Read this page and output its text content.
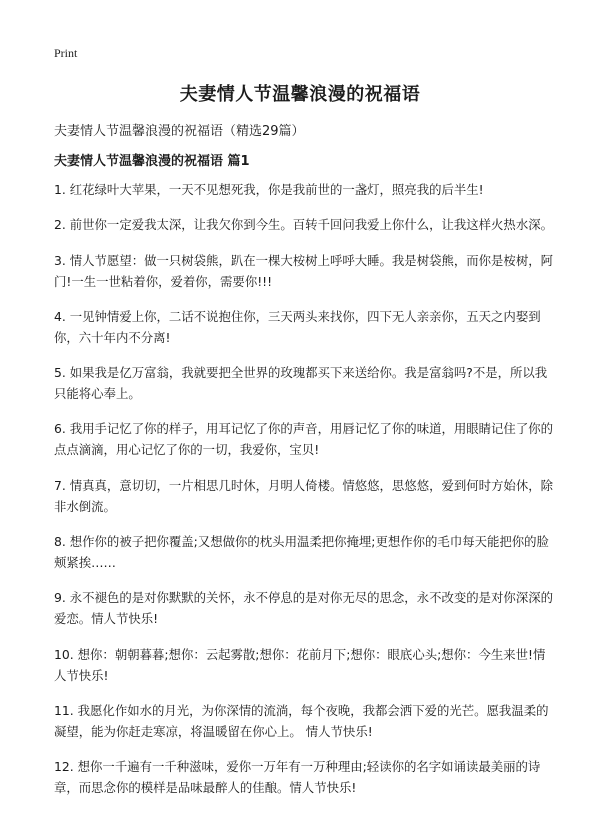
Print
夫妻情人节温馨浪漫的祝福语

夫妻情人节温馨浪漫的祝福语（精选29篇）

夫妻情人节温馨浪漫的祝福语 篇1

1. 红花绿叶大苹果，一天不见想死我，你是我前世的一盏灯，照亮我的后半生!

2. 前世你一定爱我太深，让我欠你到今生。百转千回问我爱上你什么，让我这样火热水深。

3. 情人节愿望：做一只树袋熊，趴在一棵大桉树上呼呼大睡。我是树袋熊，而你是桉树，阿门!一生一世粘着你，爱着你，需要你!!!

4. 一见钟情爱上你，二话不说抱住你，三天两头来找你，四下无人亲亲你，五天之内娶到你，六十年内不分离!

5. 如果我是亿万富翁，我就要把全世界的玫瑰都买下来送给你。我是富翁吗?不是，所以我只能将心奉上。

6. 我用手记忆了你的样子，用耳记忆了你的声音，用唇记忆了你的味道，用眼睛记住了你的点点滴滴，用心记忆了你的一切，我爱你，宝贝!

7. 情真真，意切切，一片相思几时休，月明人倚楼。情悠悠，思悠悠，爱到何时方始休，除非水倒流。

8. 想作你的被子把你覆盖;又想做你的枕头用温柔把你掩埋;更想作你的毛巾每天能把你的脸颊紧挨……

9. 永不褪色的是对你默默的关怀，永不停息的是对你无尽的思念，永不改变的是对你深深的爱恋。情人节快乐!

10. 想你：朝朝暮暮;想你：云起雾散;想你：花前月下;想你：眼底心头;想你：今生来世!情人节快乐!

11. 我愿化作如水的月光，为你深情的流淌，每个夜晚，我都会洒下爱的光芒。愿我温柔的凝望，能为你赶走寒凉，将温暖留在你心上。 情人节快乐!

12. 想你一千遍有一千种滋味，爱你一万年有一万种理由;轻读你的名字如诵读最美丽的诗章，而思念你的模样是品味最醉人的佳酿。情人节快乐!
